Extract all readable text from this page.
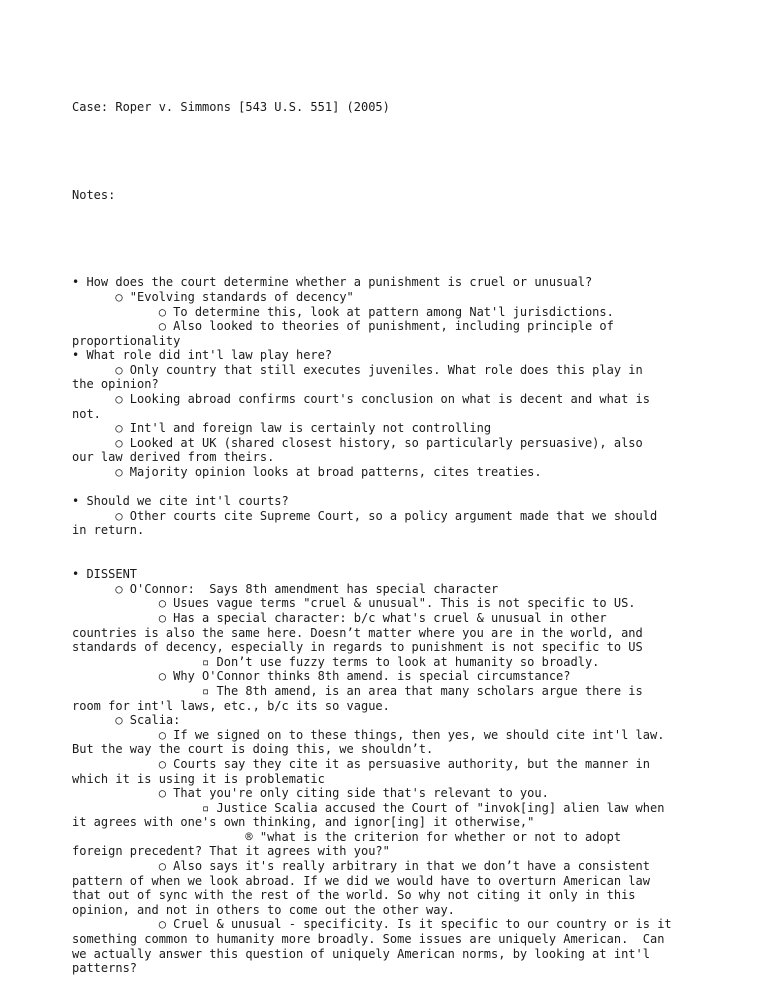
Case: Roper v. Simmons [543 U.S. 551] (2005)

Notes:

• How does the court determine whether a punishment is cruel or unusual?
○ "Evolving standards of decency"
○ To determine this, look at pattern among Nat'l jurisdictions.
○ Also looked to theories of punishment, including principle of
proportionality
• What role did int'l law play here?
○ Only country that still executes juveniles. What role does this play in
the opinion?
○ Looking abroad confirms court's conclusion on what is decent and what is
not.
○ Int'l and foreign law is certainly not controlling
○ Looked at UK (shared closest history, so particularly persuasive), also
our law derived from theirs.
○ Majority opinion looks at broad patterns, cites treaties.
• Should we cite int'l courts?
○ Other courts cite Supreme Court, so a policy argument made that we should
in return.
• DISSENT
○ O'Connor:  Says 8th amendment has special character
○ Usues vague terms "cruel & unusual". This is not specific to US.
○ Has a special character: b/c what's cruel & unusual in other
countries is also the same here. Doesn’t matter where you are in the world, and
standards of decency, especially in regards to punishment is not specific to US
▫ Don’t use fuzzy terms to look at humanity so broadly.
○ Why O'Connor thinks 8th amend. is special circumstance?
▫ The 8th amend, is an area that many scholars argue there is
room for int'l laws, etc., b/c its so vague.
○ Scalia:
○ If we signed on to these things, then yes, we should cite int'l law.
But the way the court is doing this, we shouldn’t.
○ Courts say they cite it as persuasive authority, but the manner in
which it is using it is problematic
○ That you're only citing side that's relevant to you.
▫ Justice Scalia accused the Court of "invok[ing] alien law when
it agrees with one's own thinking, and ignor[ing] it otherwise,"
® "what is the criterion for whether or not to adopt
foreign precedent? That it agrees with you?"
○ Also says it's really arbitrary in that we don’t have a consistent
pattern of when we look abroad. If we did we would have to overturn American law
that out of sync with the rest of the world. So why not citing it only in this
opinion, and not in others to come out the other way.
○ Cruel & unusual - specificity. Is it specific to our country or is it
something common to humanity more broadly. Some issues are uniquely American.  Can
we actually answer this question of uniquely American norms, by looking at int'l
patterns?
